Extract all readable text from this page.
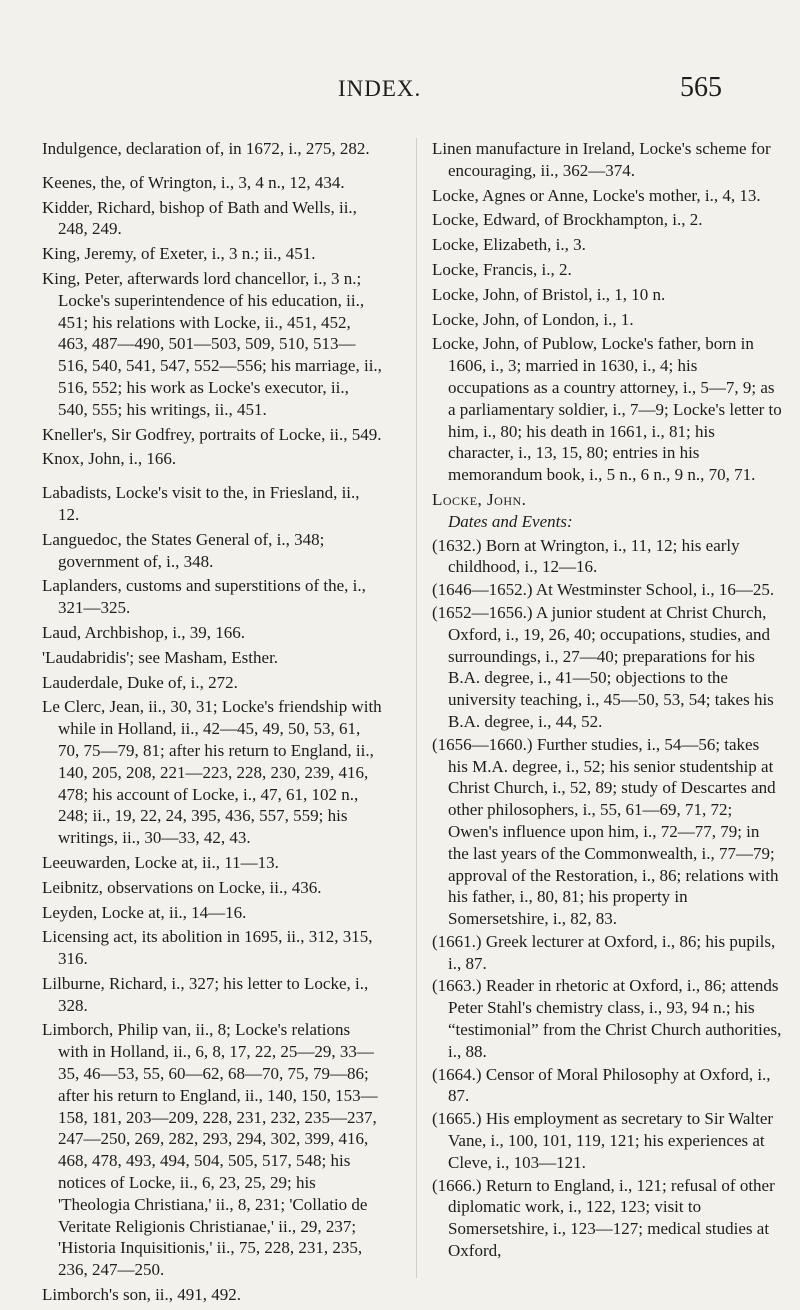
INDEX.	565

Indulgence, declaration of, in 1672, i., 275, 282.

Keenes, the, of Wrington, i., 3, 4 n., 12, 434.

Kidder, Richard, bishop of Bath and Wells, ii., 248, 249.

King, Jeremy, of Exeter, i., 3 n.; ii., 451.

King, Peter, afterwards lord chancellor, i., 3 n.; Locke's superintendence of his education, ii., 451; his relations with Locke, ii., 451, 452, 463, 487—490, 501—503, 509, 510, 513—516, 540, 541, 547, 552—556; his marriage, ii., 516, 552; his work as Locke's executor, ii., 540, 555; his writings, ii., 451.

Kneller's, Sir Godfrey, portraits of Locke, ii., 549.

Knox, John, i., 166.

Labadists, Locke's visit to the, in Friesland, ii., 12.

Languedoc, the States General of, i., 348; government of, i., 348.

Laplanders, customs and superstitions of the, i., 321—325.

Laud, Archbishop, i., 39, 166.

'Laudabridis'; see Masham, Esther.

Lauderdale, Duke of, i., 272.

Le Clerc, Jean, ii., 30, 31; Locke's friendship with while in Holland, ii., 42—45, 49, 50, 53, 61, 70, 75—79, 81; after his return to England, ii., 140, 205, 208, 221—223, 228, 230, 239, 416, 478; his account of Locke, i., 47, 61, 102 n., 248; ii., 19, 22, 24, 395, 436, 557, 559; his writings, ii., 30—33, 42, 43.

Leeuwarden, Locke at, ii., 11—13.

Leibnitz, observations on Locke, ii., 436.

Leyden, Locke at, ii., 14—16.

Licensing act, its abolition in 1695, ii., 312, 315, 316.

Lilburne, Richard, i., 327; his letter to Locke, i., 328.

Limborch, Philip van, ii., 8; Locke's relations with in Holland, ii., 6, 8, 17, 22, 25—29, 33—35, 46—53, 55, 60—62, 68—70, 75, 79—86; after his return to England, ii., 140, 150, 153—158, 181, 203—209, 228, 231, 232, 235—237, 247—250, 269, 282, 293, 294, 302, 399, 416, 468, 478, 493, 494, 504, 505, 517, 548; his notices of Locke, ii., 6, 23, 25, 29; his 'Theologia Christiana,' ii., 8, 231; 'Collatio de Veritate Religionis Christianae,' ii., 29, 237; 'Historia Inquisitionis,' ii., 75, 228, 231, 235, 236, 247—250.

Limborch's son, ii., 491, 492.

Linen manufacture in Ireland, Locke's scheme for encouraging, ii., 362—374.

Locke, Agnes or Anne, Locke's mother, i., 4, 13.

Locke, Edward, of Brockhampton, i., 2.

Locke, Elizabeth, i., 3.

Locke, Francis, i., 2.

Locke, John, of Bristol, i., 1, 10 n.

Locke, John, of London, i., 1.

Locke, John, of Publow, Locke's father, born in 1606, i., 3; married in 1630, i., 4; his occupations as a country attorney, i., 5—7, 9; as a parliamentary soldier, i., 7—9; Locke's letter to him, i., 80; his death in 1661, i., 81; his character, i., 13, 15, 80; entries in his memorandum book, i., 5 n., 6 n., 9 n., 70, 71.

Locke, John.

Dates and Events:

(1632.) Born at Wrington, i., 11, 12; his early childhood, i., 12—16.

(1646—1652.) At Westminster School, i., 16—25.

(1652—1656.) A junior student at Christ Church, Oxford, i., 19, 26, 40; occupations, studies, and surroundings, i., 27—40; preparations for his B.A. degree, i., 41—50; objections to the university teaching, i., 45—50, 53, 54; takes his B.A. degree, i., 44, 52.

(1656—1660.) Further studies, i., 54—56; takes his M.A. degree, i., 52; his senior studentship at Christ Church, i., 52, 89; study of Descartes and other philosophers, i., 55, 61—69, 71, 72; Owen's influence upon him, i., 72—77, 79; in the last years of the Commonwealth, i., 77—79; approval of the Restoration, i., 86; relations with his father, i., 80, 81; his property in Somersetshire, i., 82, 83.

(1661.) Greek lecturer at Oxford, i., 86; his pupils, i., 87.

(1663.) Reader in rhetoric at Oxford, i., 86; attends Peter Stahl's chemistry class, i., 93, 94 n.; his “testimonial” from the Christ Church authorities, i., 88.

(1664.) Censor of Moral Philosophy at Oxford, i., 87.

(1665.) His employment as secretary to Sir Walter Vane, i., 100, 101, 119, 121; his experiences at Cleve, i., 103—121.

(1666.) Return to England, i., 121; refusal of other diplomatic work, i., 122, 123; visit to Somersetshire, i., 123—127; medical studies at Oxford,
